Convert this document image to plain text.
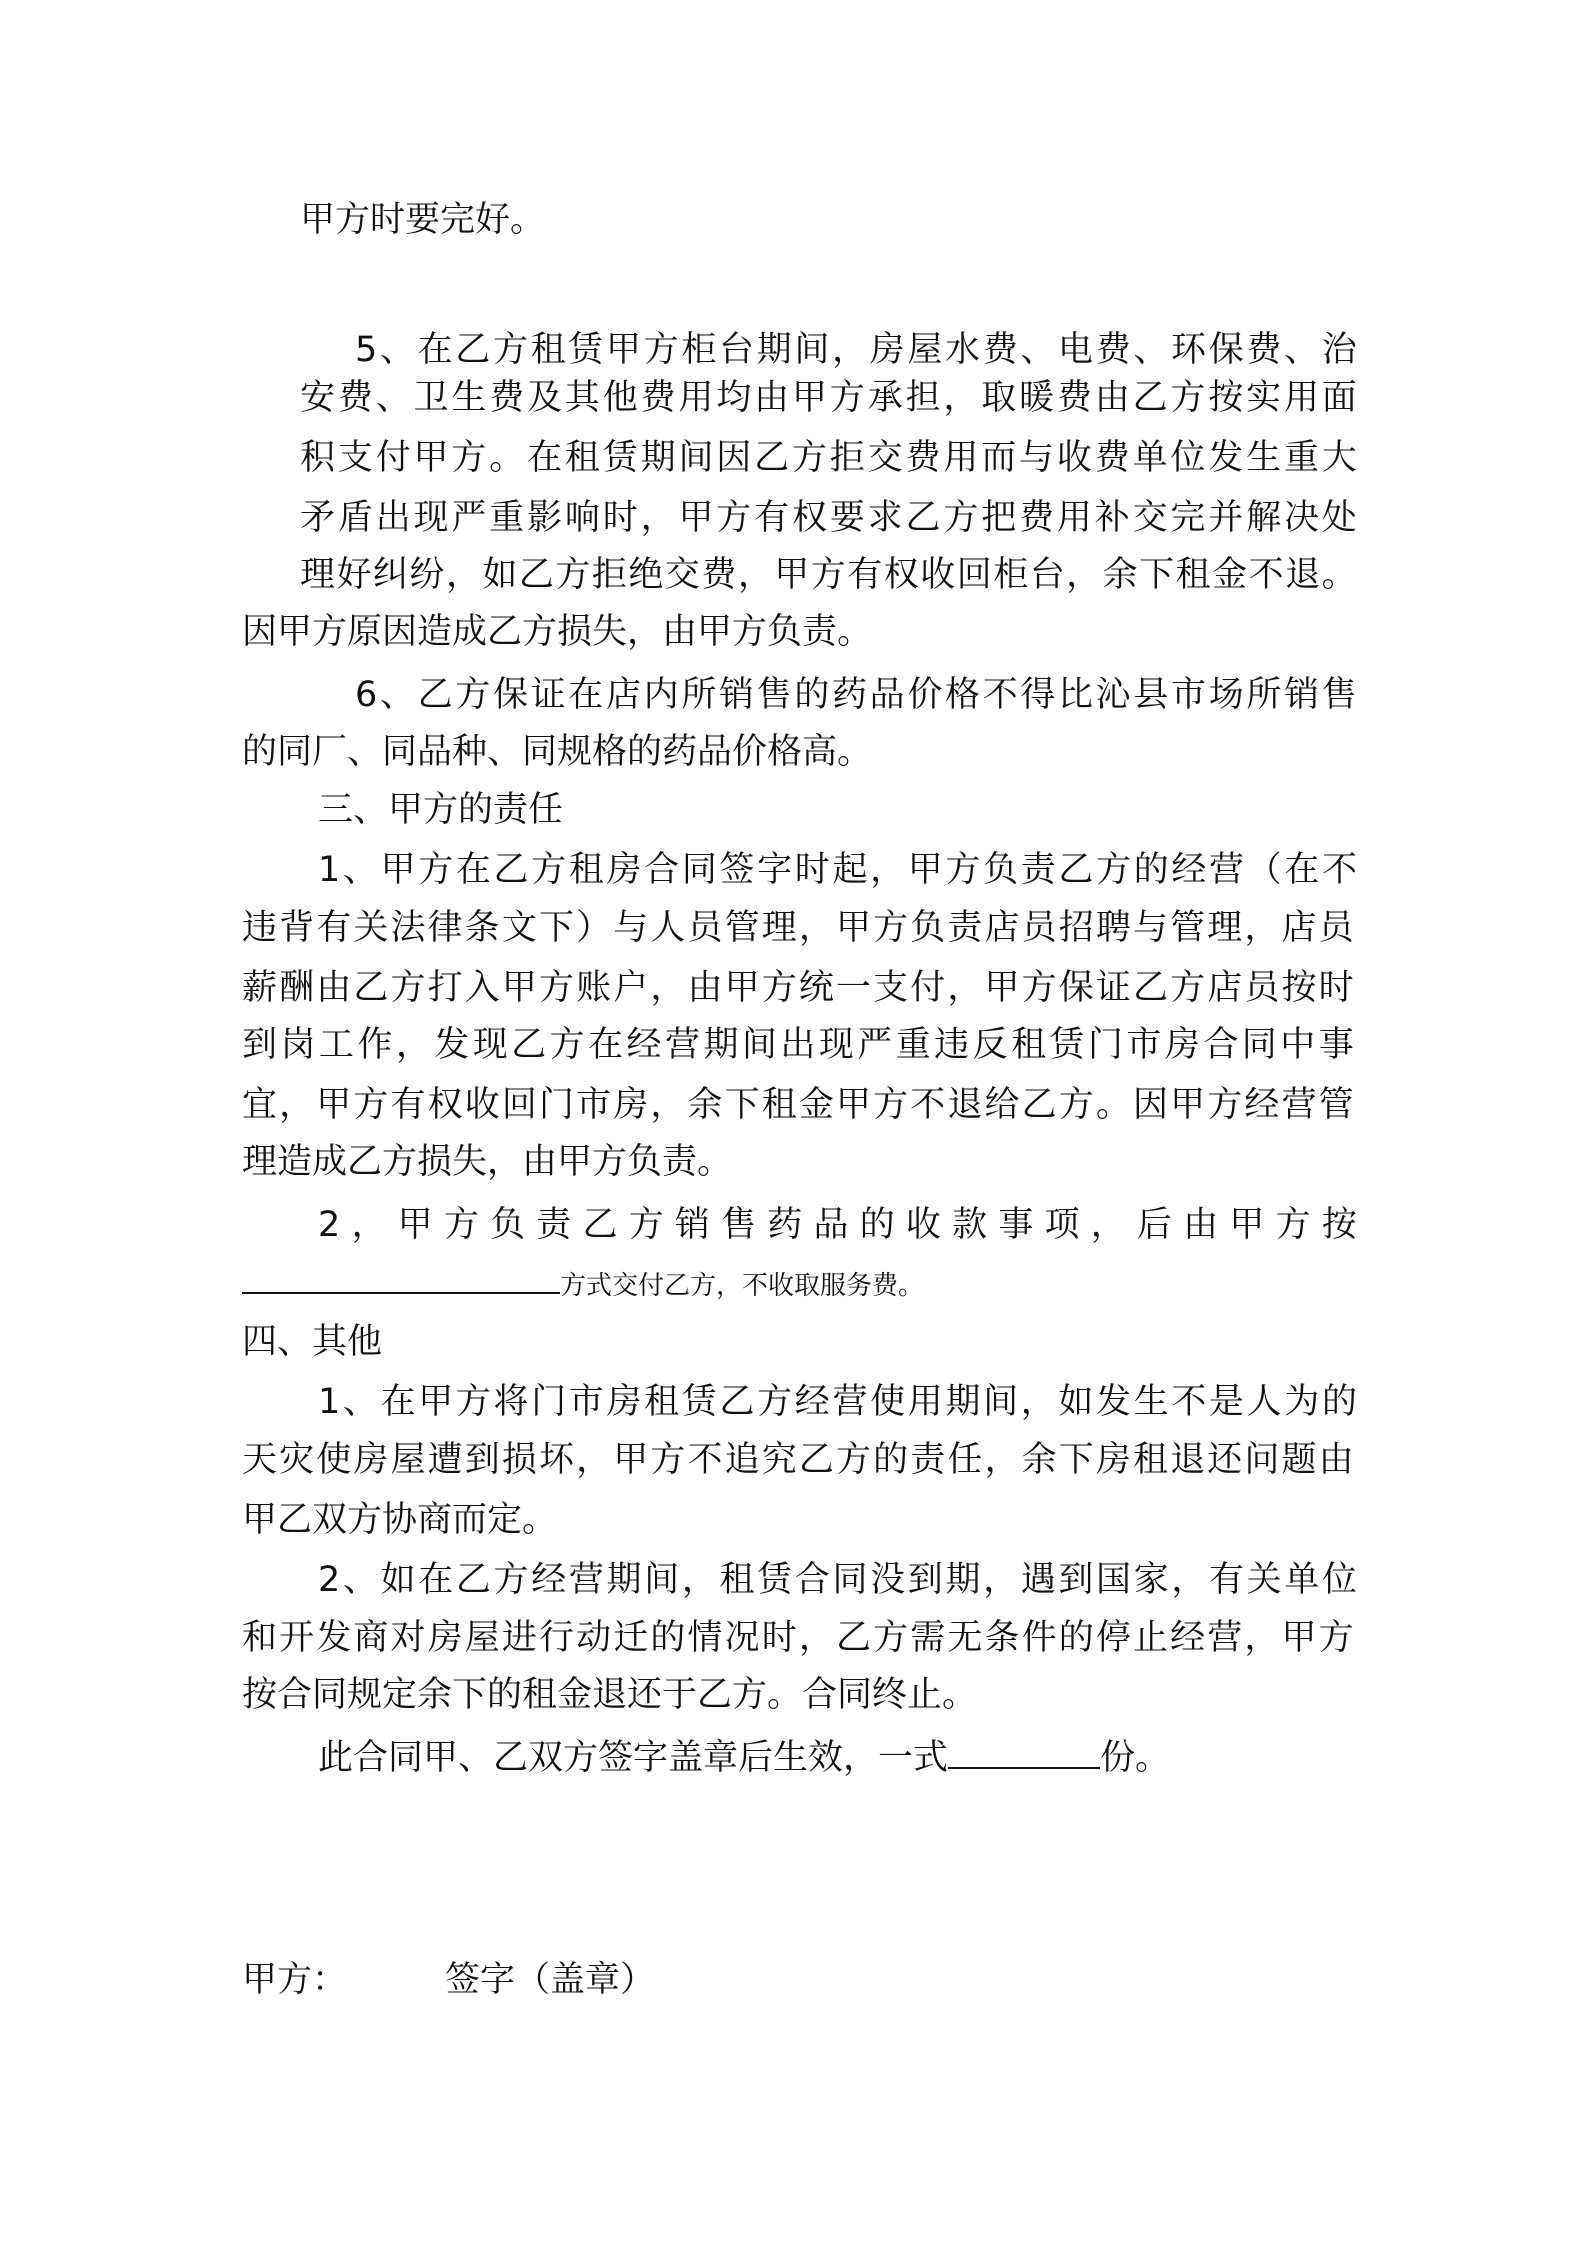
甲方时要完好。
5 、 在 乙 方 租 赁 甲 方 柜 台 期 间 ， 房 屋 水 费 、 电 费 、 环 保 费 、 治
安 费 、 卫 生 费 及 其 他 费 用 均 由 甲 方 承 担 ， 取 暖 费 由 乙 方 按 实 用 面
积 支 付 甲 方 。 在 租 赁 期 间 因 乙 方 拒 交 费 用 而 与 收 费 单 位 发 生 重 大
矛 盾 出 现 严 重 影 响 时 ， 甲 方 有 权 要 求 乙 方 把 费 用 补 交 完 并 解 决 处
理 好 纠 纷 ， 如 乙 方 拒 绝 交 费 ， 甲 方 有 权 收 回 柜 台 ， 余 下 租 金 不 退 。
因甲方原因造成乙方损失，由甲方负责。
6 、 乙 方 保 证 在 店 内 所 销 售 的 药 品 价 格 不 得 比 沁 县 市 场 所 销 售
的同厂、同品种、同规格的药品价格高。
三、甲方的责任
1 、 甲 方 在 乙 方 租 房 合 同 签 字 时 起 ， 甲 方 负 责 乙 方 的 经 营 （ 在 不
违 背 有 关 法 律 条 文 下 ） 与 人 员 管 理 ， 甲 方 负 责 店 员 招 聘 与 管 理 ， 店 员
薪 酬 由 乙 方 打 入 甲 方 账 户 ， 由 甲 方 统 一 支 付 ， 甲 方 保 证 乙 方 店 员 按 时
到 岗 工 作 ， 发 现 乙 方 在 经 营 期 间 出 现 严 重 违 反 租 赁 门 市 房 合 同 中 事
宜 ， 甲 方 有 权 收 回 门 市 房 ， 余 下 租 金 甲 方 不 退 给 乙 方 。 因 甲 方 经 营 管
理造成乙方损失，由甲方负责。
2 ， 甲 方 负 责 乙 方 销 售 药 品 的 收 款 事 项 ， 后 由 甲 方 按
方式交付乙方，不收取服务费。
四、其他
1 、 在 甲 方 将 门 市 房 租 赁 乙 方 经 营 使 用 期 间 ， 如 发 生 不 是 人 为 的
天 灾 使 房 屋 遭 到 损 坏 ， 甲 方 不 追 究 乙 方 的 责 任 ， 余 下 房 租 退 还 问 题 由
甲乙双方协商而定。
2 、 如 在 乙 方 经 营 期 间 ， 租 赁 合 同 没 到 期 ， 遇 到 国 家 ， 有 关 单 位
和 开 发 商 对 房 屋 进 行 动 迁 的 情 况 时 ， 乙 方 需 无 条 件 的 停 止 经 营 ， 甲 方
按合同规定余下的租金退还于乙方。合同终止。
此合同甲、乙双方签字盖章后生效，一式	份。
甲方：	签字（盖章）
